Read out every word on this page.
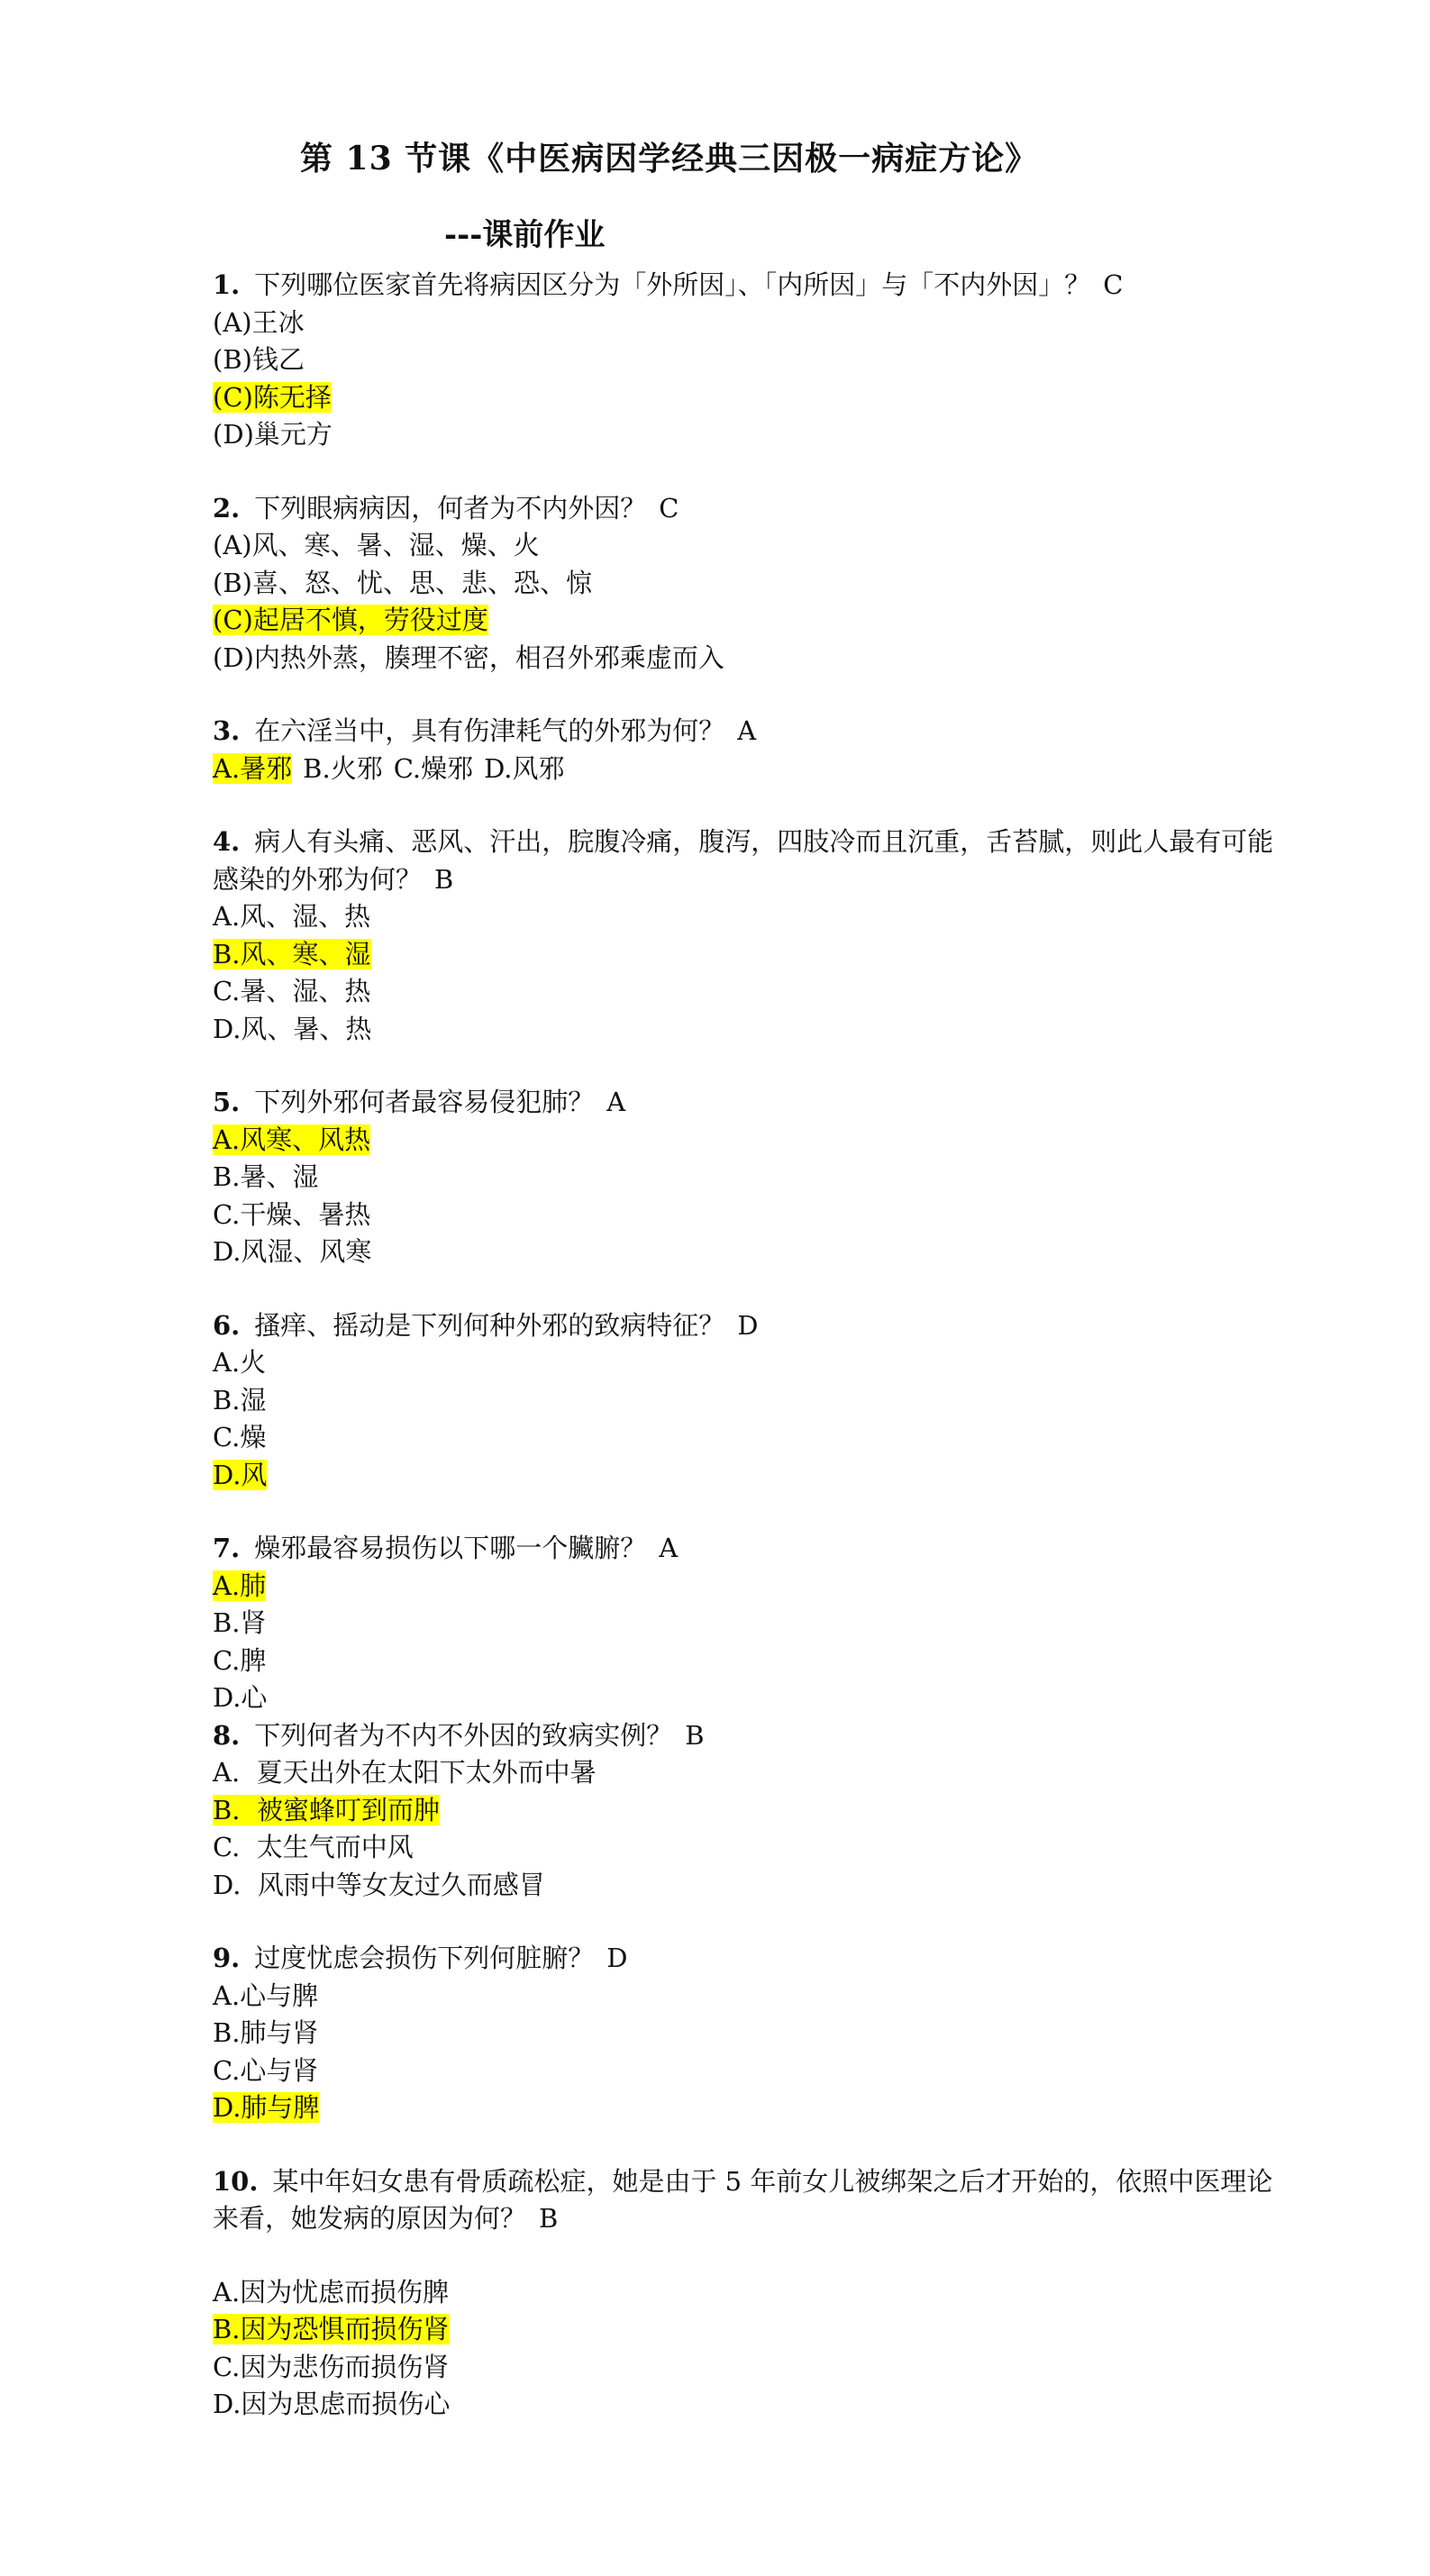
第 13 节课《中医病因学经典三因极一病症方论》
---课前作业
1. 下列哪位医家首先将病因区分为「外所因」、「内所因」与「不内外因」？ C
(A)王冰
(B)钱乙
(C)陈无择
(D)巢元方
2. 下列眼病病因，何者为不内外因？ C
(A)风、寒、暑、湿、燥、火
(B)喜、怒、忧、思、悲、恐、惊
(C)起居不慎，劳役过度
(D)内热外蒸，腠理不密，相召外邪乘虚而入
3. 在六淫当中，具有伤津耗气的外邪为何？ A
A.暑邪 B.火邪 C.燥邪 D.风邪
4. 病人有头痛、恶风、汗出，脘腹冷痛，腹泻，四肢冷而且沉重，舌苔腻，则此人最有可能感染的外邪为何？ B
A.风、湿、热
B.风、寒、湿
C.暑、湿、热
D.风、暑、热
5. 下列外邪何者最容易侵犯肺？ A
A.风寒、风热
B.暑、湿
C.干燥、暑热
D.风湿、风寒
6. 搔痒、摇动是下列何种外邪的致病特征？ D
A.火
B.湿
C.燥
D.风
7. 燥邪最容易损伤以下哪一个臟腑？ A
A.肺
B.肾
C.脾
D.心
8. 下列何者为不内不外因的致病实例？ B
A.  夏天出外在太阳下太外而中暑
B.  被蜜蜂叮到而肿
C.  太生气而中风
D.  风雨中等女友过久而感冒
9. 过度忧虑会损伤下列何脏腑？ D
A.心与脾
B.肺与肾
C.心与肾
D.肺与脾
10. 某中年妇女患有骨质疏松症，她是由于 5 年前女儿被绑架之后才开始的，依照中医理论来看，她发病的原因为何？ B
A.因为忧虑而损伤脾
B.因为恐惧而损伤肾
C.因为悲伤而损伤肾
D.因为思虑而损伤心
